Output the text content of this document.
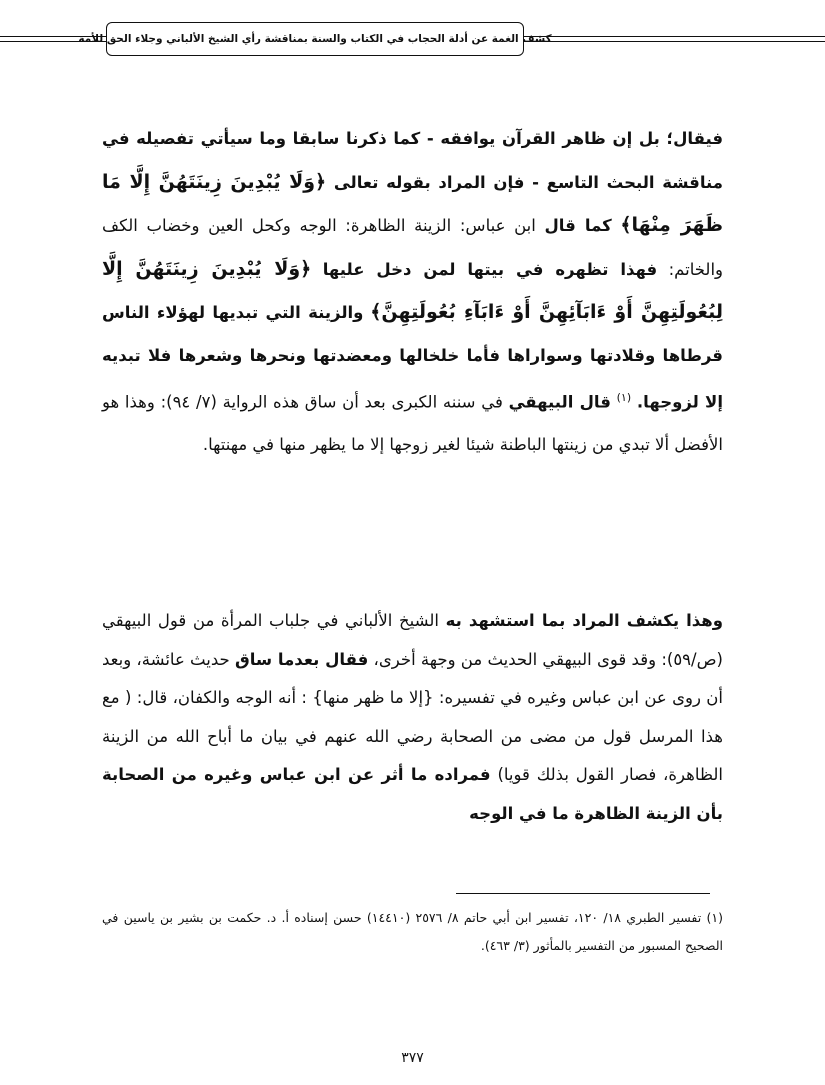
كشف الغمة عن أدلة الحجاب في الكتاب والسنة بمناقشة رأي الشيخ الألباني وجلاء الحق للأمة
فيقال؛ بل إن ظاهر القرآن يوافقه - كما ذكرنا سابقا وما سيأتي تفصيله في مناقشة البحث التاسع - فإن المراد بقوله تعالى ﴿وَلَا يُبْدِينَ زِينَتَهُنَّ إِلَّا مَا ظَهَرَ مِنْهَا﴾ كما قال ابن عباس: الزينة الظاهرة: الوجه وكحل العين وخضاب الكف والخاتم: فهذا تظهره في بيتها لمن دخل عليها ﴿وَلَا يُبْدِينَ زِينَتَهُنَّ إِلَّا لِبُعُولَتِهِنَّ أَوْ ءَابَآئِهِنَّ أَوْ ءَابَآءِ بُعُولَتِهِنَّ﴾ والزينة التي تبديها لهؤلاء الناس قرطاها وقلادتها وسواراها فأما خلخالها ومعضدتها ونحرها وشعرها فلا تبديه إلا لزوجها. $^{(١)}$ قال البيهقي في سننه الكبرى بعد أن ساق هذه الرواية (٧/ ٩٤): وهذا هو الأفضل ألا تبدي من زينتها الباطنة شيئا لغير زوجها إلا ما يظهر منها في مهنتها.
وهذا يكشف المراد بما استشهد به الشيخ الألباني في جلباب المرأة من قول البيهقي (ص/٥٩): وقد قوى البيهقي الحديث من وجهة أخرى، فقال بعدما ساق حديث عائشة، وبعد أن روى عن ابن عباس وغيره في تفسيره: {إلا ما ظهر منها} : أنه الوجه والكفان، قال: ( مع هذا المرسل قول من مضى من الصحابة رضي الله عنهم في بيان ما أباح الله من الزينة الظاهرة، فصار القول بذلك قويا) فمراده ما أثر عن ابن عباس وغيره من الصحابة بأن الزينة الظاهرة ما في الوجه
(١) تفسير الطبري ١٨/ ١٢٠، تفسير ابن أبي حاتم ٨/ ٢٥٧٦ (١٤٤١٠) حسن إسناده أ. د. حكمت بن بشير بن ياسين في الصحيح المسبور من التفسير بالمأثور (٣/ ٤٦٣).
٣٧٧
